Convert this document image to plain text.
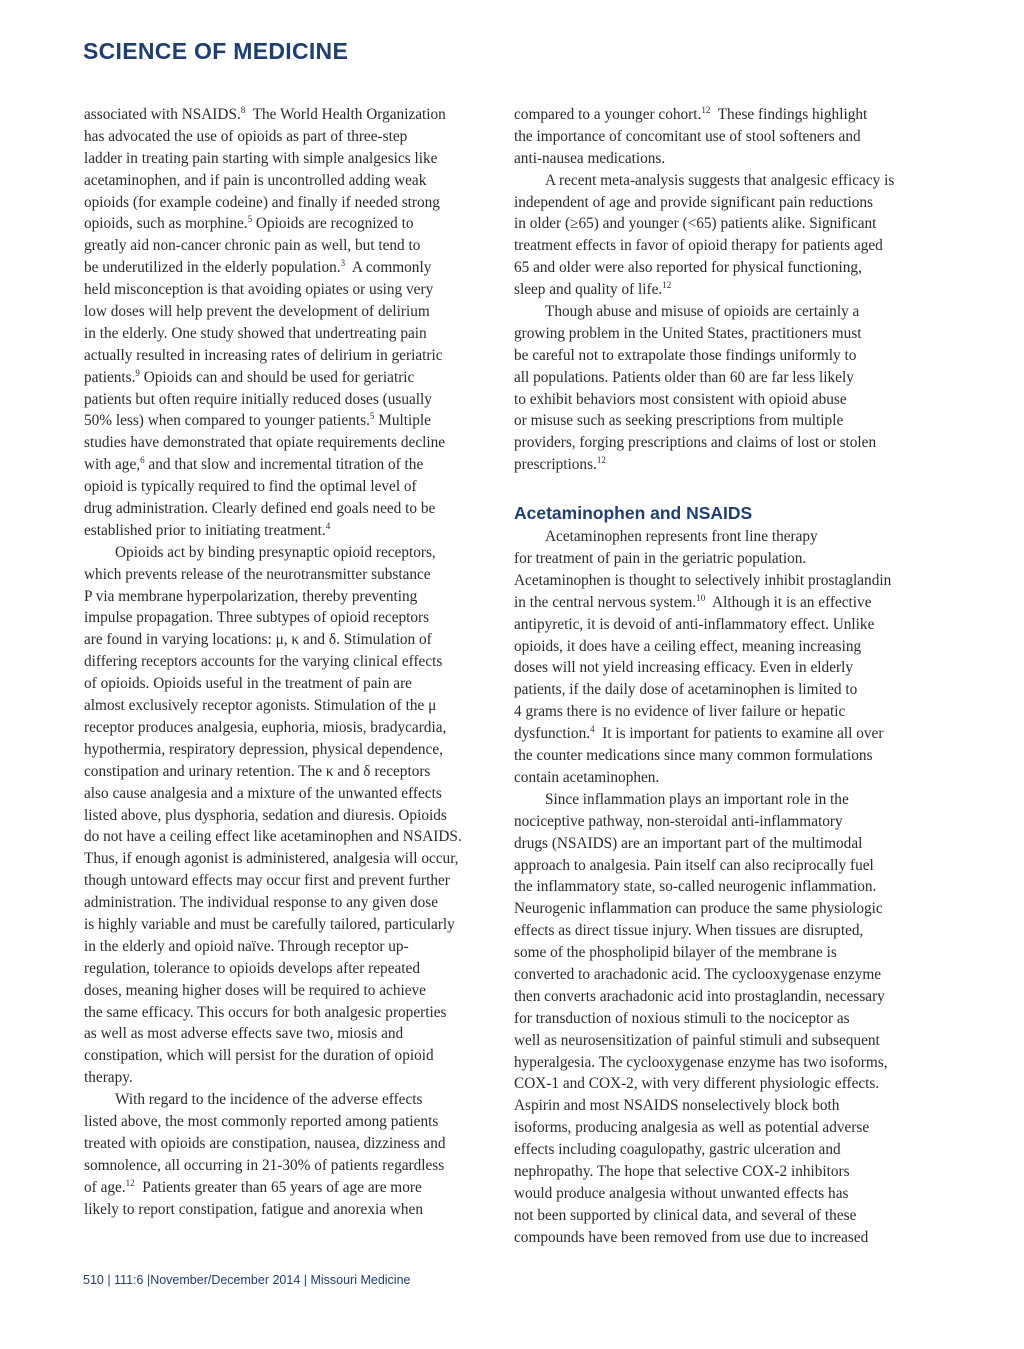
SCIENCE OF MEDICINE
associated with NSAIDS.$^8$  The World Health Organization
has advocated the use of opioids as part of three-step
ladder in treating pain starting with simple analgesics like
acetaminophen, and if pain is uncontrolled adding weak
opioids (for example codeine) and finally if needed strong
opioids, such as morphine.$^5$ Opioids are recognized to
greatly aid non-cancer chronic pain as well, but tend to
be underutilized in the elderly population.$^3$  A commonly
held misconception is that avoiding opiates or using very
low doses will help prevent the development of delirium
in the elderly. One study showed that undertreating pain
actually resulted in increasing rates of delirium in geriatric
patients.$^9$ Opioids can and should be used for geriatric
patients but often require initially reduced doses (usually
50% less) when compared to younger patients.$^5$ Multiple
studies have demonstrated that opiate requirements decline
with age,$^6$ and that slow and incremental titration of the
opioid is typically required to find the optimal level of
drug administration. Clearly defined end goals need to be
established prior to initiating treatment.$^4$
Opioids act by binding presynaptic opioid receptors,
which prevents release of the neurotransmitter substance
P via membrane hyperpolarization, thereby preventing
impulse propagation. Three subtypes of opioid receptors
are found in varying locations: μ, κ and δ. Stimulation of
differing receptors accounts for the varying clinical effects
of opioids. Opioids useful in the treatment of pain are
almost exclusively receptor agonists. Stimulation of the μ
receptor produces analgesia, euphoria, miosis, bradycardia,
hypothermia, respiratory depression, physical dependence,
constipation and urinary retention. The κ and δ receptors
also cause analgesia and a mixture of the unwanted effects
listed above, plus dysphoria, sedation and diuresis. Opioids
do not have a ceiling effect like acetaminophen and NSAIDS.
Thus, if enough agonist is administered, analgesia will occur,
though untoward effects may occur first and prevent further
administration. The individual response to any given dose
is highly variable and must be carefully tailored, particularly
in the elderly and opioid naïve. Through receptor up-
regulation, tolerance to opioids develops after repeated
doses, meaning higher doses will be required to achieve
the same efficacy. This occurs for both analgesic properties
as well as most adverse effects save two, miosis and
constipation, which will persist for the duration of opioid
therapy.
With regard to the incidence of the adverse effects
listed above, the most commonly reported among patients
treated with opioids are constipation, nausea, dizziness and
somnolence, all occurring in 21-30% of patients regardless
of age.$^{12}$  Patients greater than 65 years of age are more
likely to report constipation, fatigue and anorexia when
compared to a younger cohort.$^{12}$  These findings highlight
the importance of concomitant use of stool softeners and
anti-nausea medications.
A recent meta-analysis suggests that analgesic efficacy is
independent of age and provide significant pain reductions
in older (≥65) and younger (<65) patients alike. Significant
treatment effects in favor of opioid therapy for patients aged
65 and older were also reported for physical functioning,
sleep and quality of life.$^{12}$
Though abuse and misuse of opioids are certainly a
growing problem in the United States, practitioners must
be careful not to extrapolate those findings uniformly to
all populations. Patients older than 60 are far less likely
to exhibit behaviors most consistent with opioid abuse
or misuse such as seeking prescriptions from multiple
providers, forging prescriptions and claims of lost or stolen
prescriptions.$^{12}$
Acetaminophen and NSAIDS
Acetaminophen represents front line therapy
for treatment of pain in the geriatric population.
Acetaminophen is thought to selectively inhibit prostaglandin
in the central nervous system.$^{10}$  Although it is an effective
antipyretic, it is devoid of anti-inflammatory effect. Unlike
opioids, it does have a ceiling effect, meaning increasing
doses will not yield increasing efficacy. Even in elderly
patients, if the daily dose of acetaminophen is limited to
4 grams there is no evidence of liver failure or hepatic
dysfunction.$^4$  It is important for patients to examine all over
the counter medications since many common formulations
contain acetaminophen.
Since inflammation plays an important role in the
nociceptive pathway, non-steroidal anti-inflammatory
drugs (NSAIDS) are an important part of the multimodal
approach to analgesia. Pain itself can also reciprocally fuel
the inflammatory state, so-called neurogenic inflammation.
Neurogenic inflammation can produce the same physiologic
effects as direct tissue injury. When tissues are disrupted,
some of the phospholipid bilayer of the membrane is
converted to arachadonic acid. The cyclooxygenase enzyme
then converts arachadonic acid into prostaglandin, necessary
for transduction of noxious stimuli to the nociceptor as
well as neurosensitization of painful stimuli and subsequent
hyperalgesia. The cyclooxygenase enzyme has two isoforms,
COX-1 and COX-2, with very different physiologic effects.
Aspirin and most NSAIDS nonselectively block both
isoforms, producing analgesia as well as potential adverse
effects including coagulopathy, gastric ulceration and
nephropathy. The hope that selective COX-2 inhibitors
would produce analgesia without unwanted effects has
not been supported by clinical data, and several of these
compounds have been removed from use due to increased
510 | 111:6 |November/December 2014 | Missouri Medicine
